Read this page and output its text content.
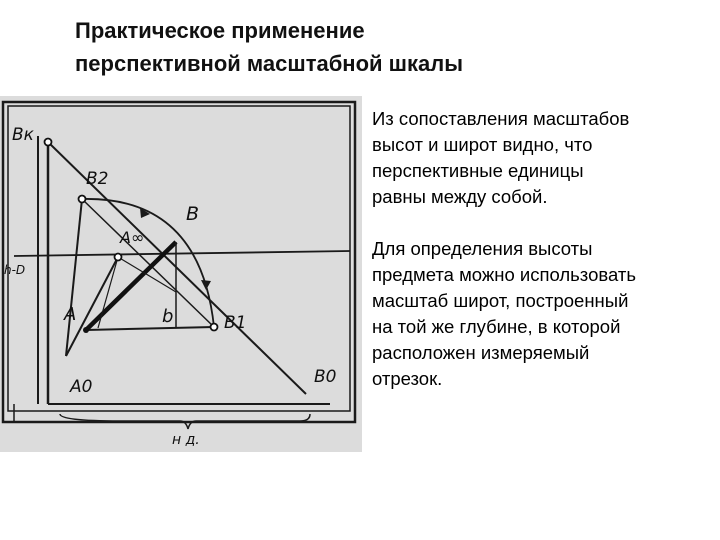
Практическое применение
перспективной масштабной шкалы
Bк
B2
B
A∞
h-D
A	b	B1
A0	B0
н д.

Из сопоставления масштабов
высот и широт видно, что
перспективные единицы
равны между собой.

Для определения высоты
предмета можно использовать
масштаб широт, построенный
на той же глубине, в которой
расположен измеряемый
отрезок.
